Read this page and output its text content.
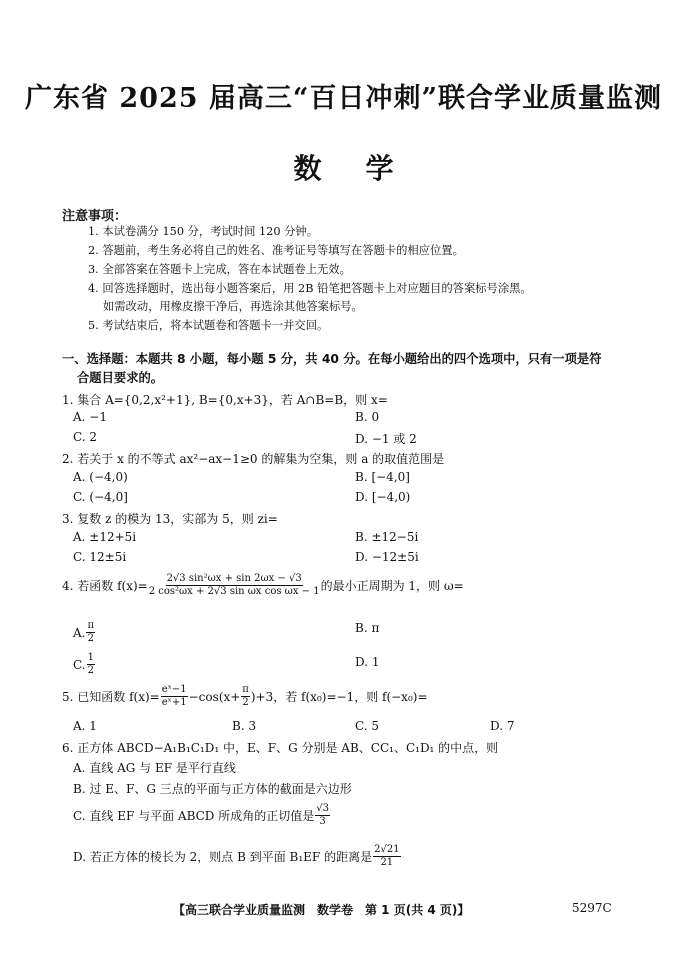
广东省 2025 届高三“百日冲刺”联合学业质量监测
数学
注意事项：
1. 本试卷满分 150 分，考试时间 120 分钟。
2. 答题前，考生务必将自己的姓名、准考证号等填写在答题卡的相应位置。
3. 全部答案在答题卡上完成，答在本试题卷上无效。
4. 回答选择题时，选出每小题答案后，用 2B 铅笔把答题卡上对应题目的答案标号涂黑。
如需改动，用橡皮擦干净后，再选涂其他答案标号。
5. 考试结束后，将本试题卷和答题卡一并交回。
一、选择题：本题共 8 小题，每小题 5 分，共 40 分。在每小题给出的四个选项中，只有一项是符
合题目要求的。
1. 集合 A={0,2,x²+1}, B={0,x+3}，若 A∩B=B，则 x=
A. −1	B. 0
C. 2	D. −1 或 2
2. 若关于 x 的不等式 ax²−ax−1≥0 的解集为空集，则 a 的取值范围是
A. (−4,0)	B. [−4,0]
C. (−4,0]	D. [−4,0)
3. 复数 z 的模为 13，实部为 5，则 zi=
A. ±12+5i	B. ±12−5i
C. 12±5i	D. −12±5i
4. 若函数 $f(x)= \frac{\text{2√3 sin²ωx + sin 2ωx − √3}}{\text{2 cos²ωx + 2√3 sin ωx cos ωx − 1}}$ 的最小正周期为 1，则 ω=
A. $\frac{\pi}{2}$	B. π
C. $\frac{1}{2}$	D. 1
5. 已知函数 $f(x)= \frac{\text{eˣ−1}}{\text{eˣ+1}} -\cos(x+ \frac{\pi}{2} )+3$，若 f(x₀)=−1，则 f(−x₀)=
A. 1	B. 3	C. 5	D. 7
6. 正方体 ABCD−A₁B₁C₁D₁ 中，E、F、G 分别是 AB、CC₁、C₁D₁ 的中点，则
A. 直线 AG 与 EF 是平行直线
B. 过 E、F、G 三点的平面与正方体的截面是六边形
C. 直线 EF 与平面 ABCD 所成角的正切值是 $\frac{√3}{3}$
D. 若正方体的棱长为 2，则点 B 到平面 B₁EF 的距离是 $\frac{2√21}{21}$
【高三联合学业质量监测　数学卷　第 1 页(共 4 页)】	5297C
